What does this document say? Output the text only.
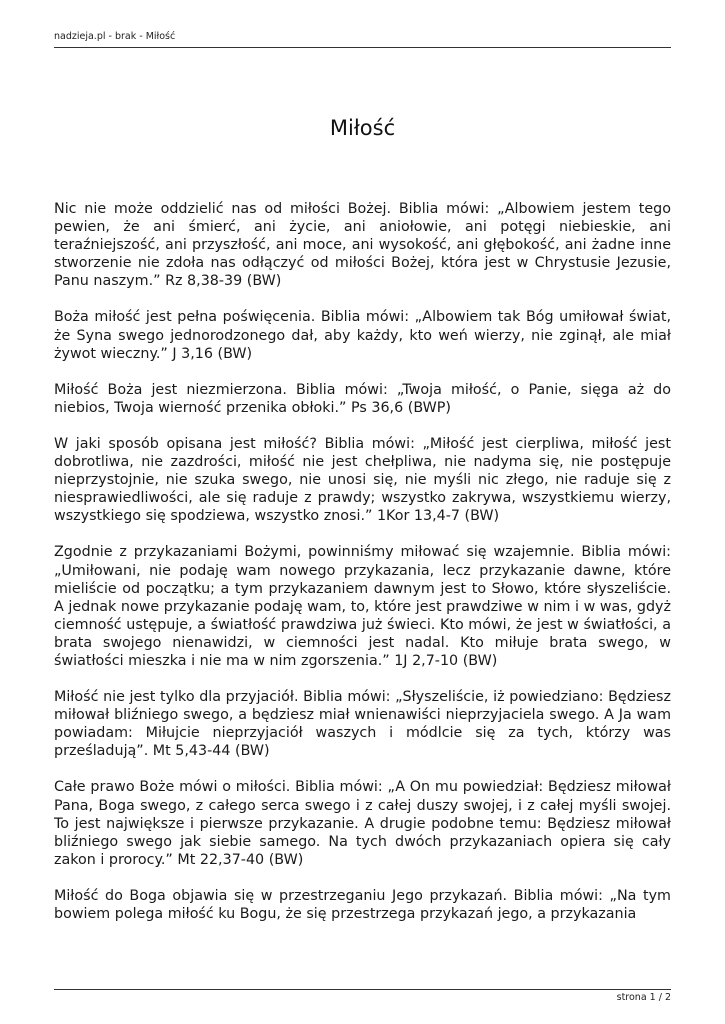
nadzieja.pl - brak - Miłość
Miłość

Nic nie może oddzielić nas od miłości Bożej. Biblia mówi: „Albowiem jestem tego pewien, że ani śmierć, ani życie, ani aniołowie, ani potęgi niebieskie, ani teraźniejszość, ani przyszłość, ani moce, ani wysokość, ani głębokość, ani żadne inne stworzenie nie zdoła nas odłączyć od miłości Bożej, która jest w Chrystusie Jezusie, Panu naszym.” Rz 8,38-39 (BW)

Boża miłość jest pełna poświęcenia. Biblia mówi: „Albowiem tak Bóg umiłował świat, że Syna swego jednorodzonego dał, aby każdy, kto weń wierzy, nie zginął, ale miał żywot wieczny.” J 3,16 (BW)

Miłość Boża jest niezmierzona. Biblia mówi: „Twoja miłość, o Panie, sięga aż do niebios, Twoja wierność przenika obłoki.” Ps 36,6 (BWP)

W jaki sposób opisana jest miłość? Biblia mówi: „Miłość jest cierpliwa, miłość jest dobrotliwa, nie zazdrości, miłość nie jest chełpliwa, nie nadyma się, nie postępuje nieprzystojnie, nie szuka swego, nie unosi się, nie myśli nic złego, nie raduje się z niesprawiedliwości, ale się raduje z prawdy; wszystko zakrywa, wszystkiemu wierzy, wszystkiego się spodziewa, wszystko znosi.” 1Kor 13,4-7 (BW)

Zgodnie z przykazaniami Bożymi, powinniśmy miłować się wzajemnie. Biblia mówi: „Umiłowani, nie podaję wam nowego przykazania, lecz przykazanie dawne, które mieliście od początku; a tym przykazaniem dawnym jest to Słowo, które słyszeliście. A jednak nowe przykazanie podaję wam, to, które jest prawdziwe w nim i w was, gdyż ciemność ustępuje, a światłość prawdziwa już świeci. Kto mówi, że jest w światłości, a brata swojego nienawidzi, w ciemności jest nadal. Kto miłuje brata swego, w światłości mieszka i nie ma w nim zgorszenia.” 1J 2,7-10 (BW)

Miłość nie jest tylko dla przyjaciół. Biblia mówi: „Słyszeliście, iż powiedziano: Będziesz miłował bliźniego swego, a będziesz miał wnienawiści nieprzyjaciela swego. A Ja wam powiadam: Miłujcie nieprzyjaciół waszych i módlcie się za tych, którzy was prześladują”. Mt 5,43-44 (BW)

Całe prawo Boże mówi o miłości. Biblia mówi: „A On mu powiedział: Będziesz miłował Pana, Boga swego, z całego serca swego i z całej duszy swojej, i z całej myśli swojej. To jest największe i pierwsze przykazanie. A drugie podobne temu: Będziesz miłował bliźniego swego jak siebie samego. Na tych dwóch przykazaniach opiera się cały zakon i prorocy.” Mt 22,37-40 (BW)

Miłość do Boga objawia się w przestrzeganiu Jego przykazań. Biblia mówi: „Na tym bowiem polega miłość ku Bogu, że się przestrzega przykazań jego, a przykazania

strona 1 / 2
